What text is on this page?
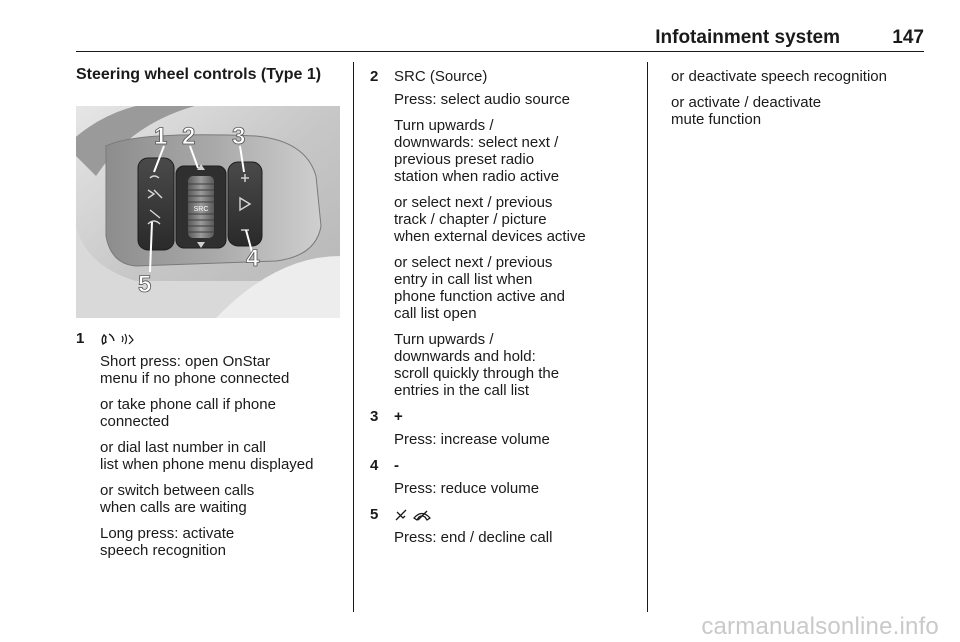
Infotainment system	147
Steering wheel controls (Type 1)
SRC
1 2 3
4
5
1

Short press: open OnStar
menu if no phone connected
or take phone call if phone
connected
or dial last number in call
list when phone menu displayed
or switch between calls
when calls are waiting
Long press: activate
speech recognition
2	SRC (Source)
Press: select audio source
Turn upwards /
downwards: select next /
previous preset radio
station when radio active
or select next / previous
track / chapter / picture
when external devices active
or select next / previous
entry in call list when
phone function active and
call list open
Turn upwards /
downwards and hold:
scroll quickly through the
entries in the call list
3	+
Press: increase volume
4	-
Press: reduce volume
5

Press: end / decline call
or deactivate speech recognition
or activate / deactivate
mute function
carmanualsonline.info
